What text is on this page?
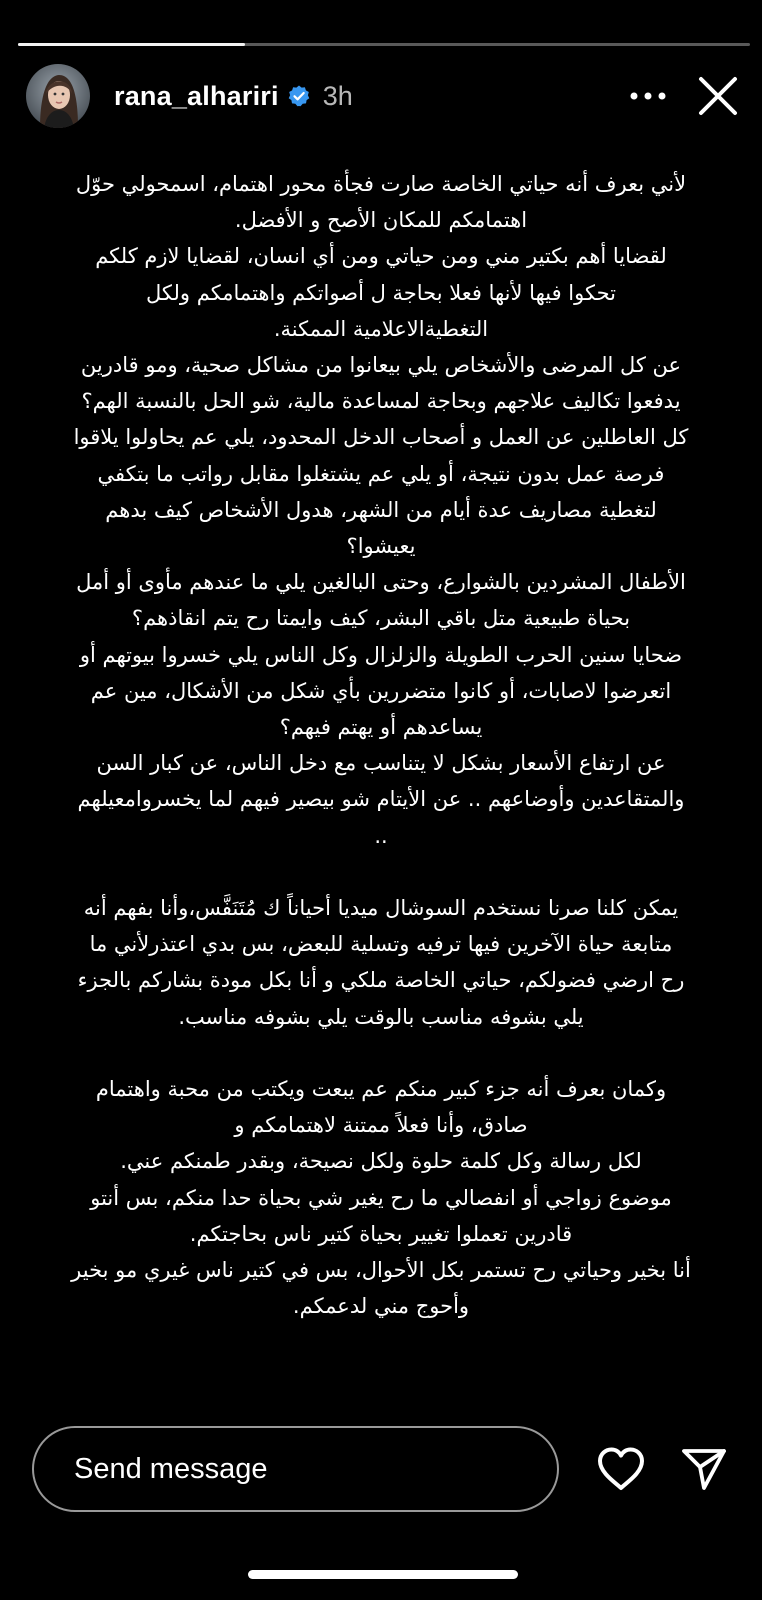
rana_alhariri 3h

لأني بعرف أنه حياتي الخاصة صارت فجأة محور اهتمام، اسمحولي حوّل

اهتمامكم للمكان الأصح و الأفضل.

لقضايا أهم بكتير مني ومن حياتي ومن أي انسان، لقضايا لازم كلكم

تحكوا فيها لأنها فعلا بحاجة ل أصواتكم واهتمامكم ولكل

التغطيةالاعلامية الممكنة.

عن كل المرضى والأشخاص يلي بيعانوا من مشاكل صحية، ومو قادرين

يدفعوا تكاليف علاجهم وبحاجة لمساعدة مالية، شو الحل بالنسبة الهم؟

كل العاطلين عن العمل و أصحاب الدخل المحدود، يلي عم يحاولوا يلاقوا

فرصة عمل بدون نتيجة، أو يلي عم يشتغلوا مقابل رواتب ما بتكفي

لتغطية مصاريف عدة أيام من الشهر، هدول الأشخاص كيف بدهم

يعيشوا؟

الأطفال المشردين بالشوارع، وحتى البالغين يلي ما عندهم مأوى أو أمل

بحياة طبيعية متل باقي البشر، كيف وايمتا رح يتم انقاذهم؟

ضحايا سنين الحرب الطويلة والزلزال وكل الناس يلي خسروا بيوتهم أو

اتعرضوا لاصابات، أو كانوا متضررين بأي شكل من الأشكال، مين عم

يساعدهم أو يهتم فيهم؟

عن ارتفاع الأسعار بشكل لا يتناسب مع دخل الناس، عن كبار السن

والمتقاعدين وأوضاعهم .. عن الأيتام شو بيصير فيهم لما يخسروامعيلهم

..

يمكن كلنا صرنا نستخدم السوشال ميديا أحياناً ك مُتَنَفَّس،وأنا بفهم أنه

متابعة حياة الآخرين فيها ترفيه وتسلية للبعض، بس بدي اعتذرلأني ما

رح ارضي فضولكم، حياتي الخاصة ملكي و أنا بكل مودة بشاركم بالجزء

يلي بشوفه مناسب بالوقت يلي بشوفه مناسب.

وكمان بعرف أنه جزء كبير منكم عم يبعت ويكتب من محبة واهتمام

صادق، وأنا فعلاً ممتنة لاهتمامكم و

لكل رسالة وكل كلمة حلوة ولكل نصيحة، وبقدر طمنكم عني.

موضوع زواجي أو انفصالي ما رح يغير شي بحياة حدا منكم، بس أنتو

قادرين تعملوا تغيير بحياة كتير ناس بحاجتكم.

أنا بخير وحياتي رح تستمر بكل الأحوال، بس في كتير ناس غيري مو بخير

وأحوج مني لدعمكم.

Send message
